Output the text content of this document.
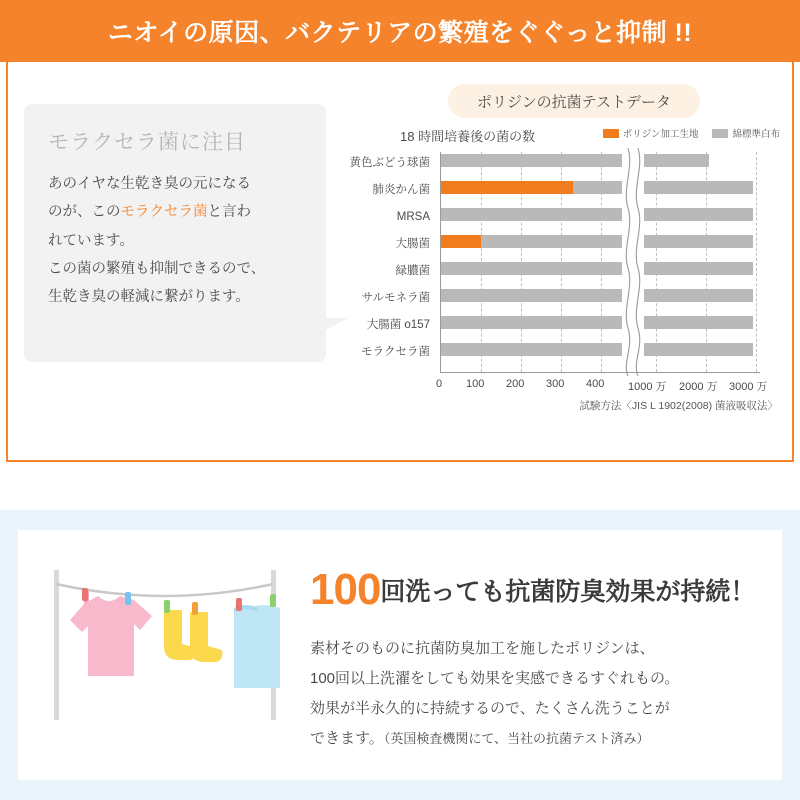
ニオイの原因、バクテリアの繁殖をぐぐっと抑制 !!
モラクセラ菌に注目
あのイヤな生乾き臭の元になる
のが、このモラクセラ菌と言わ
れています。
この菌の繁殖も抑制できるので、
生乾き臭の軽減に繋がります。
ポリジンの抗菌テストデータ
18 時間培養後の菌の数	ポリジン加工生地	綿標準白布
黄色ぶどう球菌
肺炎かん菌
MRSA
大腸菌
緑膿菌
サルモネラ菌
大腸菌 o157
モラクセラ菌
0 100 200 300 400 1000 万 2000 万 3000 万
試験方法〈JIS L 1902(2008) 菌液吸収法〉
100回洗っても抗菌防臭効果が持続！
素材そのものに抗菌防臭加工を施したポリジンは、
100回以上洗濯をしても効果を実感できるすぐれもの。
効果が半永久的に持続するので、たくさん洗うことが
できます。（英国検査機関にて、当社の抗菌テスト済み）
